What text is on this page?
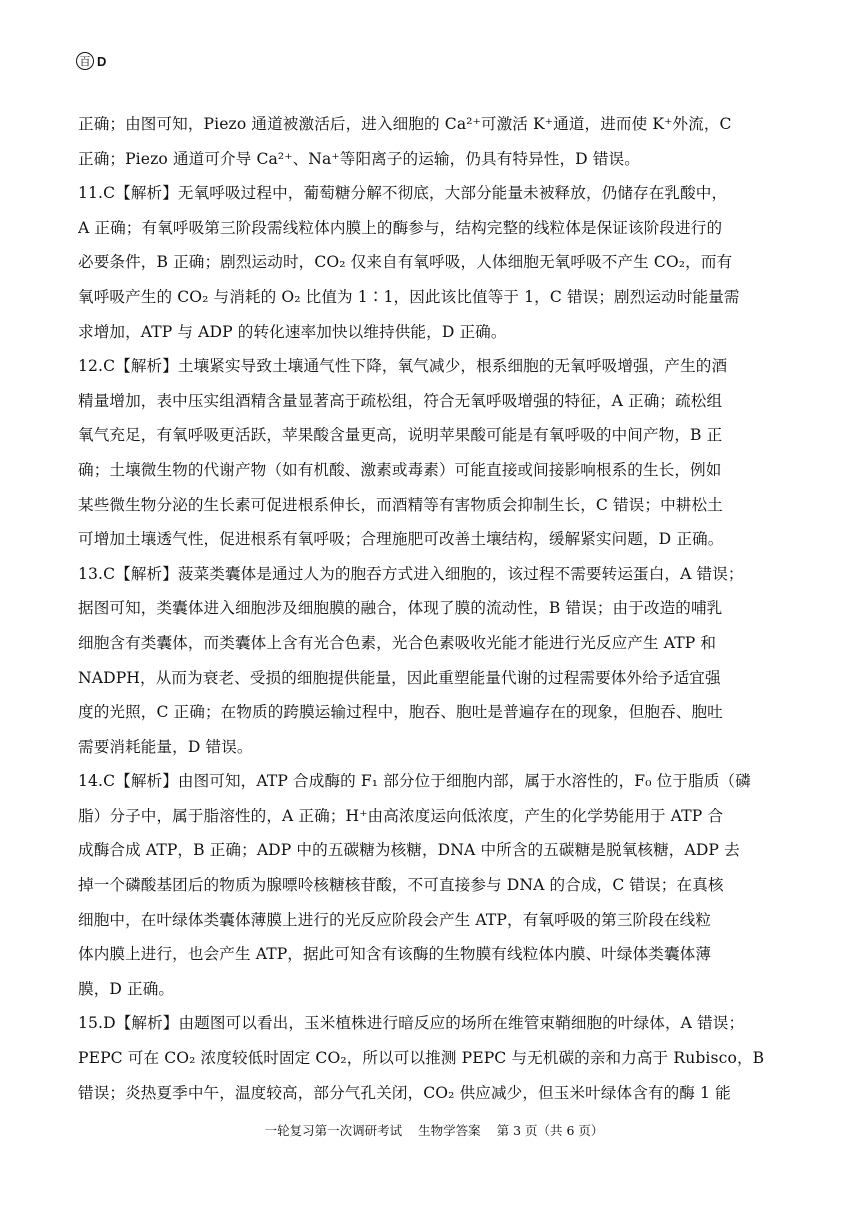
百 D
正确；由图可知，Piezo 通道被激活后，进入细胞的 Ca²⁺可激活 K⁺通道，进而使 K⁺外流，C
正确；Piezo 通道可介导 Ca²⁺、Na⁺等阳离子的运输，仍具有特异性，D 错误。
11.C【解析】无氧呼吸过程中，葡萄糖分解不彻底，大部分能量未被释放，仍储存在乳酸中，
A 正确；有氧呼吸第三阶段需线粒体内膜上的酶参与，结构完整的线粒体是保证该阶段进行的
必要条件，B 正确；剧烈运动时，CO₂ 仅来自有氧呼吸，人体细胞无氧呼吸不产生 CO₂，而有
氧呼吸产生的 CO₂ 与消耗的 O₂ 比值为 1∶1，因此该比值等于 1，C 错误；剧烈运动时能量需
求增加，ATP 与 ADP 的转化速率加快以维持供能，D 正确。
12.C【解析】土壤紧实导致土壤通气性下降，氧气减少，根系细胞的无氧呼吸增强，产生的酒
精量增加，表中压实组酒精含量显著高于疏松组，符合无氧呼吸增强的特征，A 正确；疏松组
氧气充足，有氧呼吸更活跃，苹果酸含量更高，说明苹果酸可能是有氧呼吸的中间产物，B 正
确；土壤微生物的代谢产物（如有机酸、激素或毒素）可能直接或间接影响根系的生长，例如
某些微生物分泌的生长素可促进根系伸长，而酒精等有害物质会抑制生长，C 错误；中耕松土
可增加土壤透气性，促进根系有氧呼吸；合理施肥可改善土壤结构，缓解紧实问题，D 正确。
13.C【解析】菠菜类囊体是通过人为的胞吞方式进入细胞的，该过程不需要转运蛋白，A 错误；
据图可知，类囊体进入细胞涉及细胞膜的融合，体现了膜的流动性，B 错误；由于改造的哺乳
细胞含有类囊体，而类囊体上含有光合色素，光合色素吸收光能才能进行光反应产生 ATP 和
NADPH，从而为衰老、受损的细胞提供能量，因此重塑能量代谢的过程需要体外给予适宜强
度的光照，C 正确；在物质的跨膜运输过程中，胞吞、胞吐是普遍存在的现象，但胞吞、胞吐
需要消耗能量，D 错误。
14.C【解析】由图可知，ATP 合成酶的 F₁ 部分位于细胞内部，属于水溶性的，F₀ 位于脂质（磷
脂）分子中，属于脂溶性的，A 正确；H⁺由高浓度运向低浓度，产生的化学势能用于 ATP 合
成酶合成 ATP，B 正确；ADP 中的五碳糖为核糖，DNA 中所含的五碳糖是脱氧核糖，ADP 去
掉一个磷酸基团后的物质为腺嘌呤核糖核苷酸，不可直接参与 DNA 的合成，C 错误；在真核
细胞中，在叶绿体类囊体薄膜上进行的光反应阶段会产生 ATP，有氧呼吸的第三阶段在线粒
体内膜上进行，也会产生 ATP，据此可知含有该酶的生物膜有线粒体内膜、叶绿体类囊体薄
膜，D 正确。
15.D【解析】由题图可以看出，玉米植株进行暗反应的场所在维管束鞘细胞的叶绿体，A 错误；
PEPC 可在 CO₂ 浓度较低时固定 CO₂，所以可以推测 PEPC 与无机碳的亲和力高于 Rubisco，B
错误；炎热夏季中午，温度较高，部分气孔关闭，CO₂ 供应减少，但玉米叶绿体含有的酶 1 能
一轮复习第一次调研考试 生物学答案 第 3 页（共 6 页）
